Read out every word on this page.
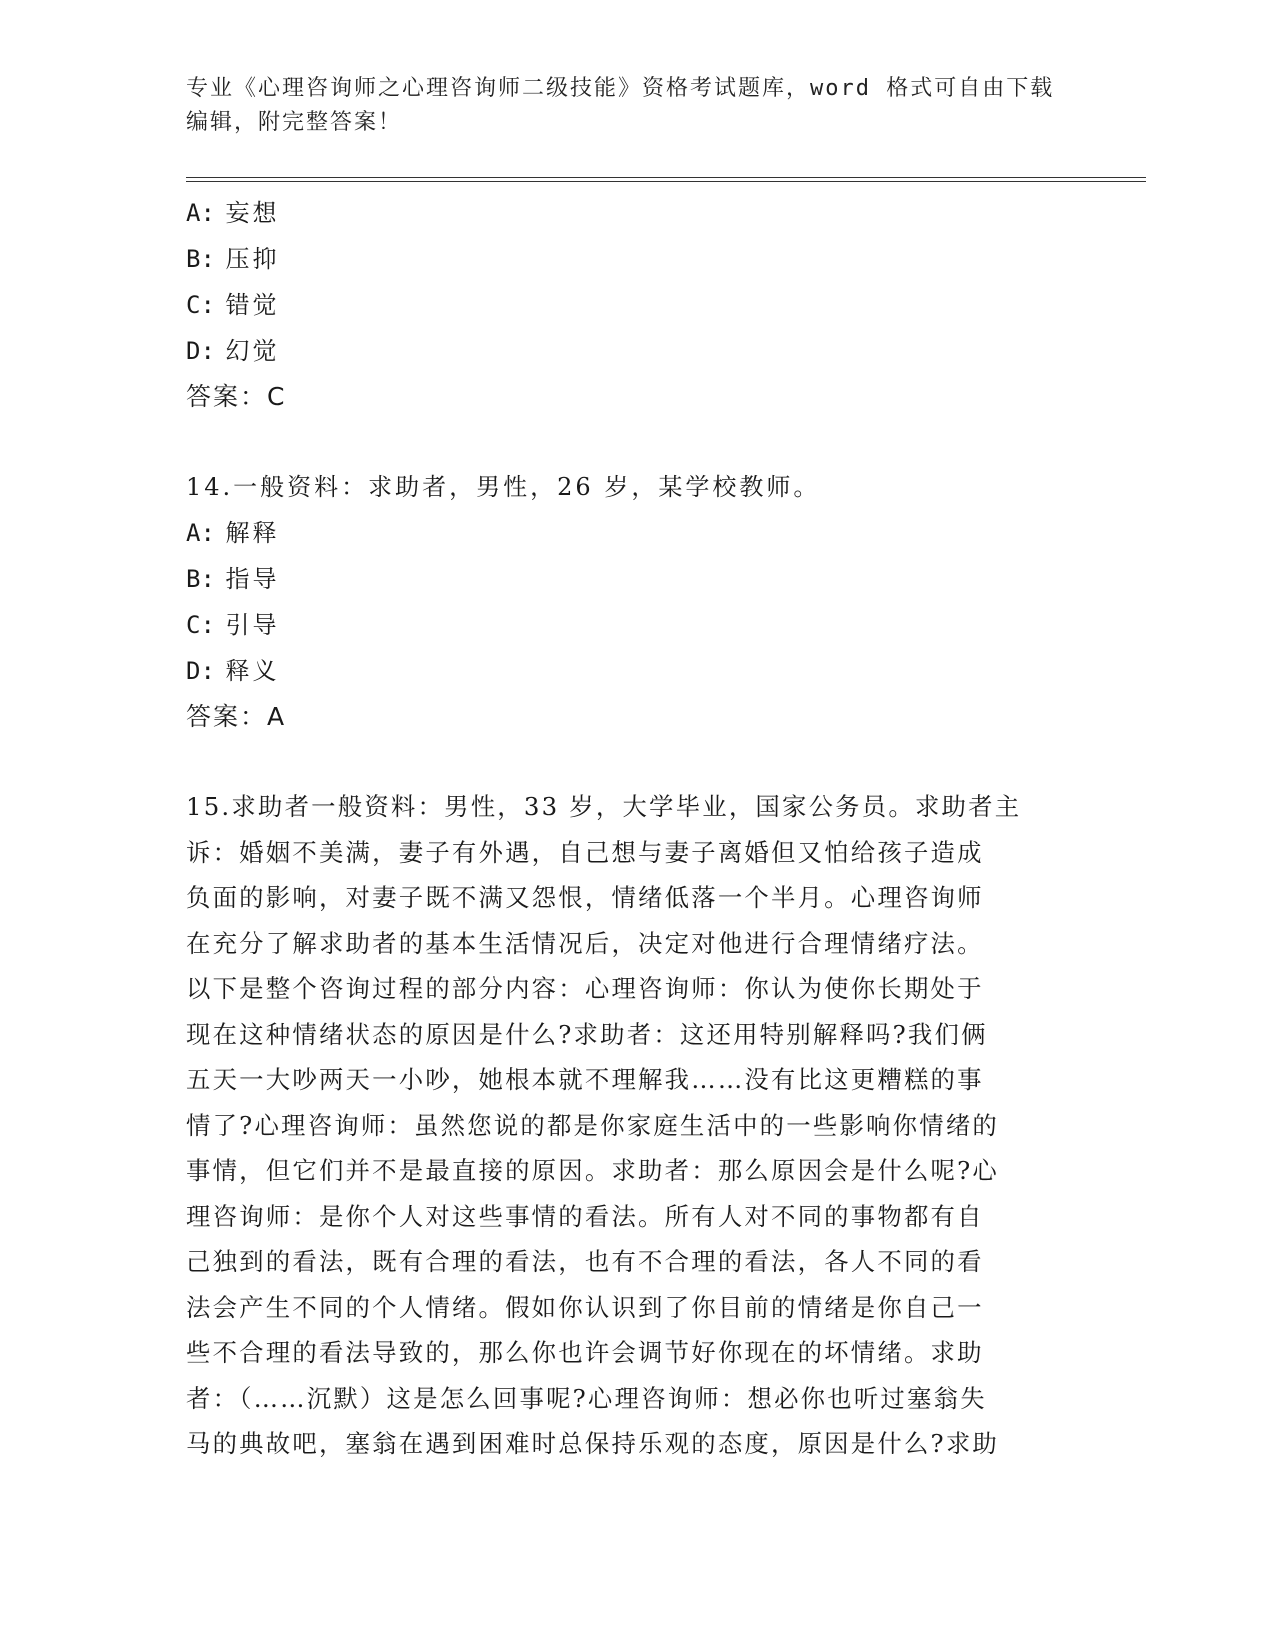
专业《心理咨询师之心理咨询师二级技能》资格考试题库，word 格式可自由下载
编辑，附完整答案！
A: 妄想
B: 压抑
C: 错觉
D: 幻觉
答案：C
14.一般资料：求助者，男性，26 岁，某学校教师。
A: 解释
B: 指导
C: 引导
D: 释义
答案：A
15.求助者一般资料：男性，33 岁，大学毕业，国家公务员。求助者主
诉：婚姻不美满，妻子有外遇，自己想与妻子离婚但又怕给孩子造成
负面的影响，对妻子既不满又怨恨，情绪低落一个半月。心理咨询师
在充分了解求助者的基本生活情况后，决定对他进行合理情绪疗法。
以下是整个咨询过程的部分内容：心理咨询师：你认为使你长期处于
现在这种情绪状态的原因是什么?求助者：这还用特别解释吗?我们俩
五天一大吵两天一小吵，她根本就不理解我……没有比这更糟糕的事
情了?心理咨询师：虽然您说的都是你家庭生活中的一些影响你情绪的
事情，但它们并不是最直接的原因。求助者：那么原因会是什么呢?心
理咨询师：是你个人对这些事情的看法。所有人对不同的事物都有自
己独到的看法，既有合理的看法，也有不合理的看法，各人不同的看
法会产生不同的个人情绪。假如你认识到了你目前的情绪是你自己一
些不合理的看法导致的，那么你也许会调节好你现在的坏情绪。求助
者：（……沉默）这是怎么回事呢?心理咨询师：想必你也听过塞翁失
马的典故吧，塞翁在遇到困难时总保持乐观的态度，原因是什么?求助
